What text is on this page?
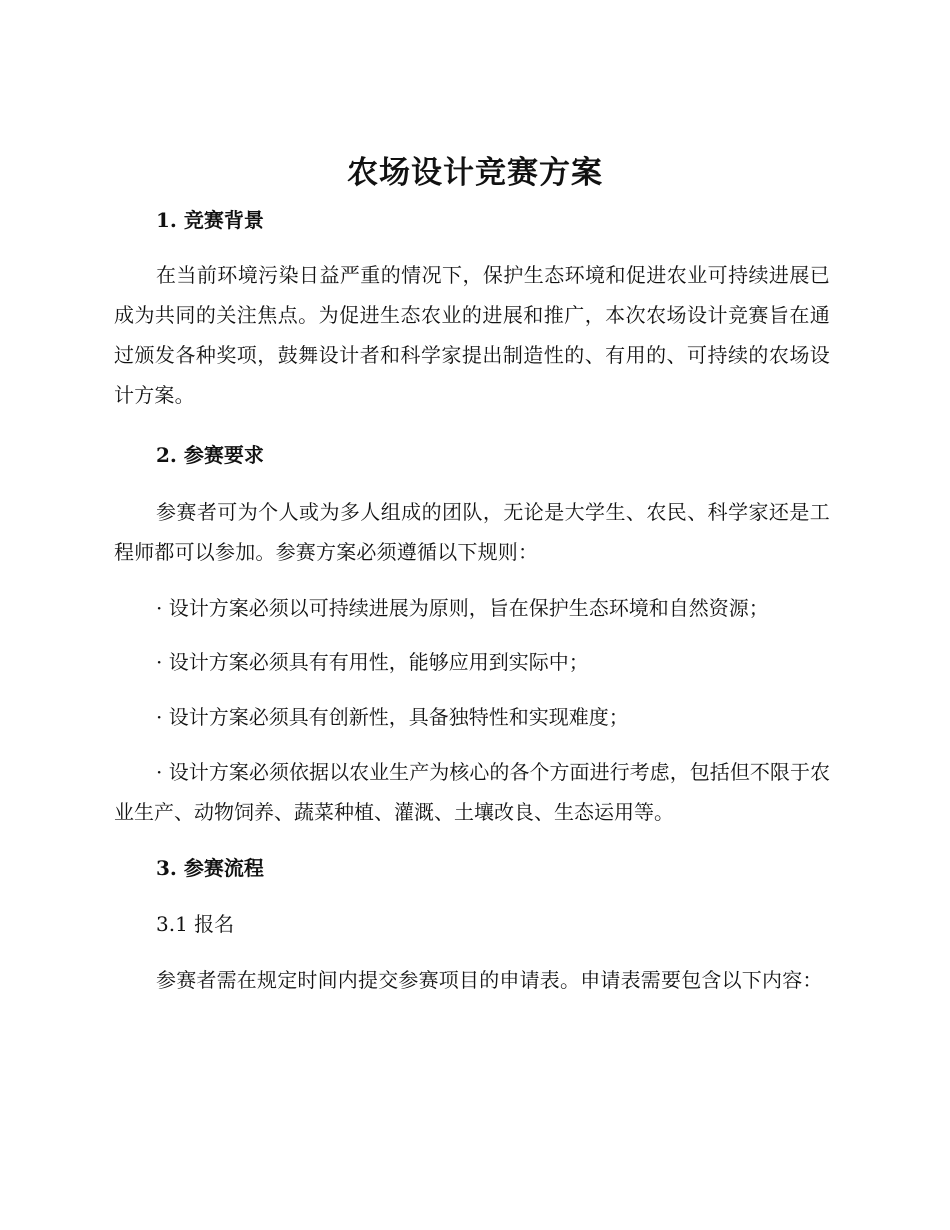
农场设计竞赛方案
1. 竞赛背景
在当前环境污染日益严重的情况下，保护生态环境和促进农业可持续进展已成为共同的关注焦点。为促进生态农业的进展和推广，本次农场设计竞赛旨在通过颁发各种奖项，鼓舞设计者和科学家提出制造性的、有用的、可持续的农场设计方案。
2. 参赛要求
参赛者可为个人或为多人组成的团队，无论是大学生、农民、科学家还是工程师都可以参加。参赛方案必须遵循以下规则：
· 设计方案必须以可持续进展为原则，旨在保护生态环境和自然资源；
· 设计方案必须具有有用性，能够应用到实际中；
· 设计方案必须具有创新性，具备独特性和实现难度；
· 设计方案必须依据以农业生产为核心的各个方面进行考虑，包括但不限于农业生产、动物饲养、蔬菜种植、灌溉、土壤改良、生态运用等。
3. 参赛流程
3.1 报名
参赛者需在规定时间内提交参赛项目的申请表。申请表需要包含以下内容：
